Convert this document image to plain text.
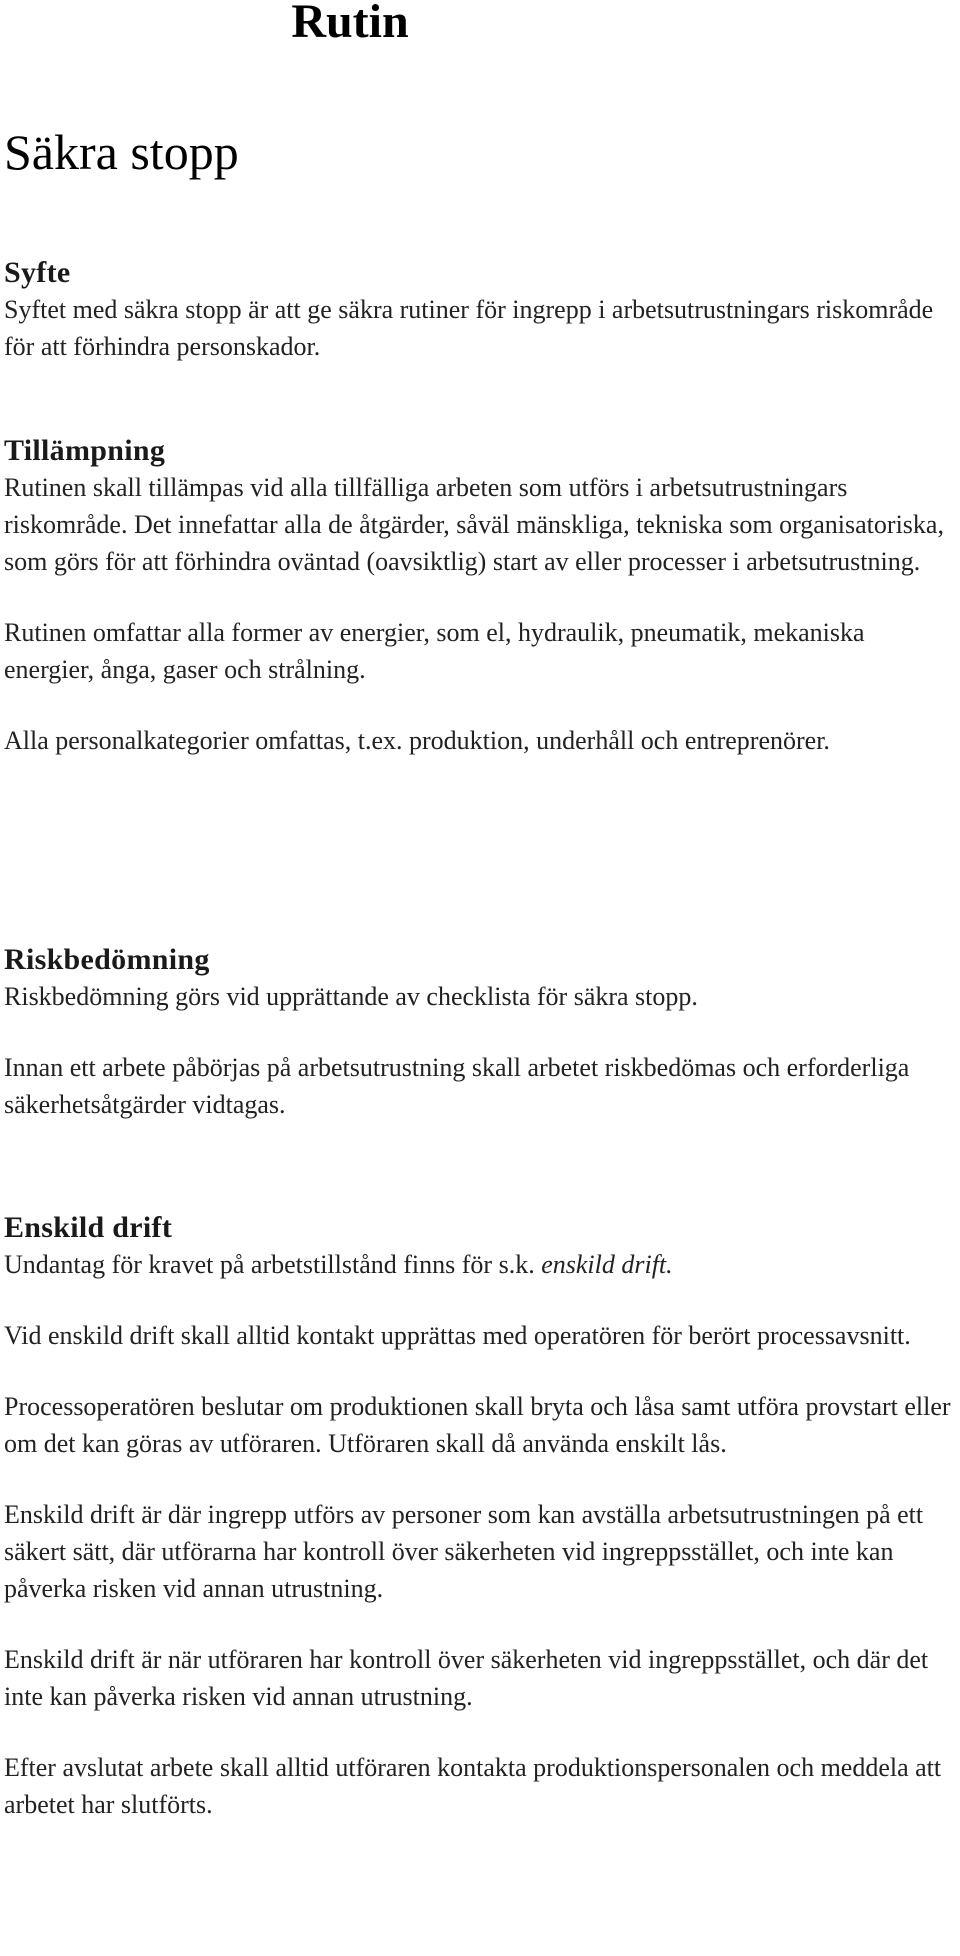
Rutin
Säkra stopp
Syfte

Syftet med säkra stopp är att ge säkra rutiner för ingrepp i arbetsutrustningars riskområde för att förhindra personskador.

Tillämpning

Rutinen skall tillämpas vid alla tillfälliga arbeten som utförs i arbetsutrustningars riskområde. Det innefattar alla de åtgärder, såväl mänskliga, tekniska som organisatoriska, som görs för att förhindra oväntad (oavsiktlig) start av eller processer i arbetsutrustning.

Rutinen omfattar alla former av energier, som el, hydraulik, pneumatik, mekaniska energier, ånga, gaser och strålning.

Alla personalkategorier omfattas, t.ex. produktion, underhåll och entreprenörer.

Riskbedömning

Riskbedömning görs vid upprättande av checklista för säkra stopp.

Innan ett arbete påbörjas på arbetsutrustning skall arbetet riskbedömas och erforderliga säkerhetsåtgärder vidtagas.

Enskild drift

Undantag för kravet på arbetstillstånd finns för s.k. enskild drift.

Vid enskild drift skall alltid kontakt upprättas med operatören för berört processavsnitt.

Processoperatören beslutar om produktionen skall bryta och låsa samt utföra provstart eller om det kan göras av utföraren. Utföraren skall då använda enskilt lås.

Enskild drift är där ingrepp utförs av personer som kan avställa arbetsutrustningen på ett säkert sätt, där utförarna har kontroll över säkerheten vid ingreppsstället, och inte kan påverka risken vid annan utrustning.

Enskild drift är när utföraren har kontroll över säkerheten vid ingreppsstället, och där det inte kan påverka risken vid annan utrustning.

Efter avslutat arbete skall alltid utföraren kontakta produktionspersonalen och meddela att arbetet har slutförts.
